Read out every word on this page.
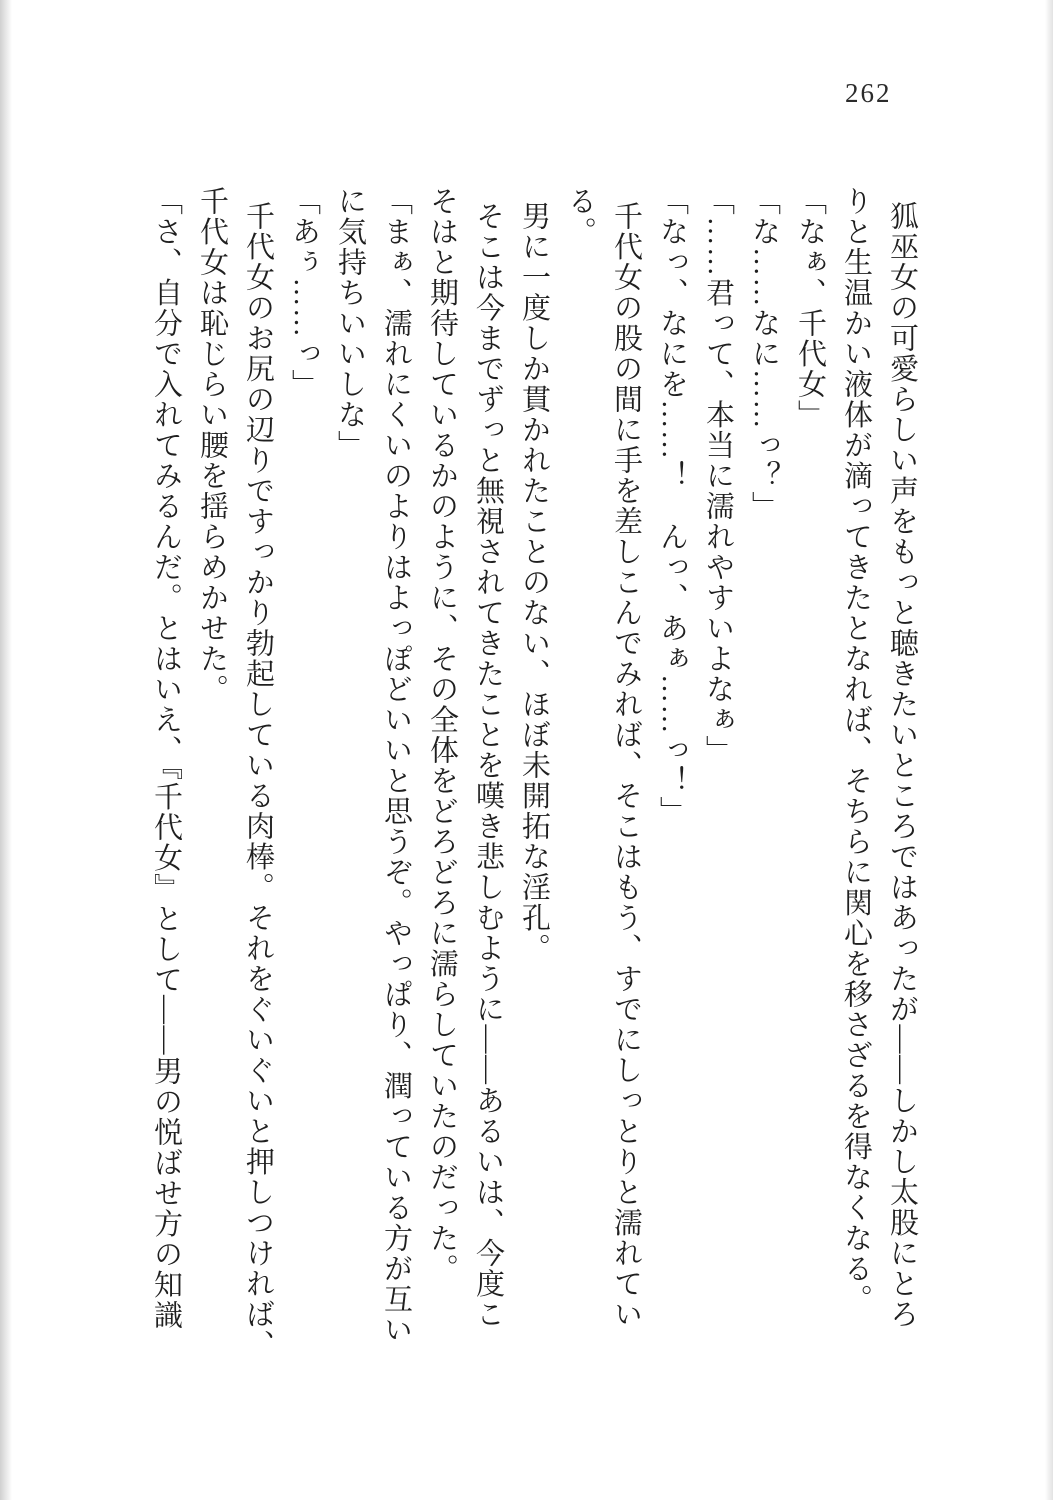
262

狐巫女の可愛らしい声をもっと聴きたいところではあったが――しかし太股にとろ

りと生温かい液体が滴ってきたとなれば、そちらに関心を移さざるを得なくなる。

「なぁ、千代女」

「な……なに……っ？」

「……君って、本当に濡れやすいよなぁ」

「なっ、なにを……！　んっ、あぁ……っ！」

千代女の股の間に手を差しこんでみれば、そこはもう、すでにしっとりと濡れてい

る。

男に一度しか貫かれたことのない、ほぼ未開拓な淫孔。

そこは今までずっと無視されてきたことを嘆き悲しむように――あるいは、今度こ

そはと期待しているかのように、その全体をどろどろに濡らしていたのだった。

「まぁ、濡れにくいのよりはよっぽどいいと思うぞ。やっぱり、潤っている方が互い

に気持ちいいしな」

「あぅ……っ」

千代女のお尻の辺りですっかり勃起している肉棒。それをぐいぐいと押しつければ、

千代女は恥じらい腰を揺らめかせた。

「さ、自分で入れてみるんだ。とはいえ、『千代女』として――男の悦ばせ方の知識
